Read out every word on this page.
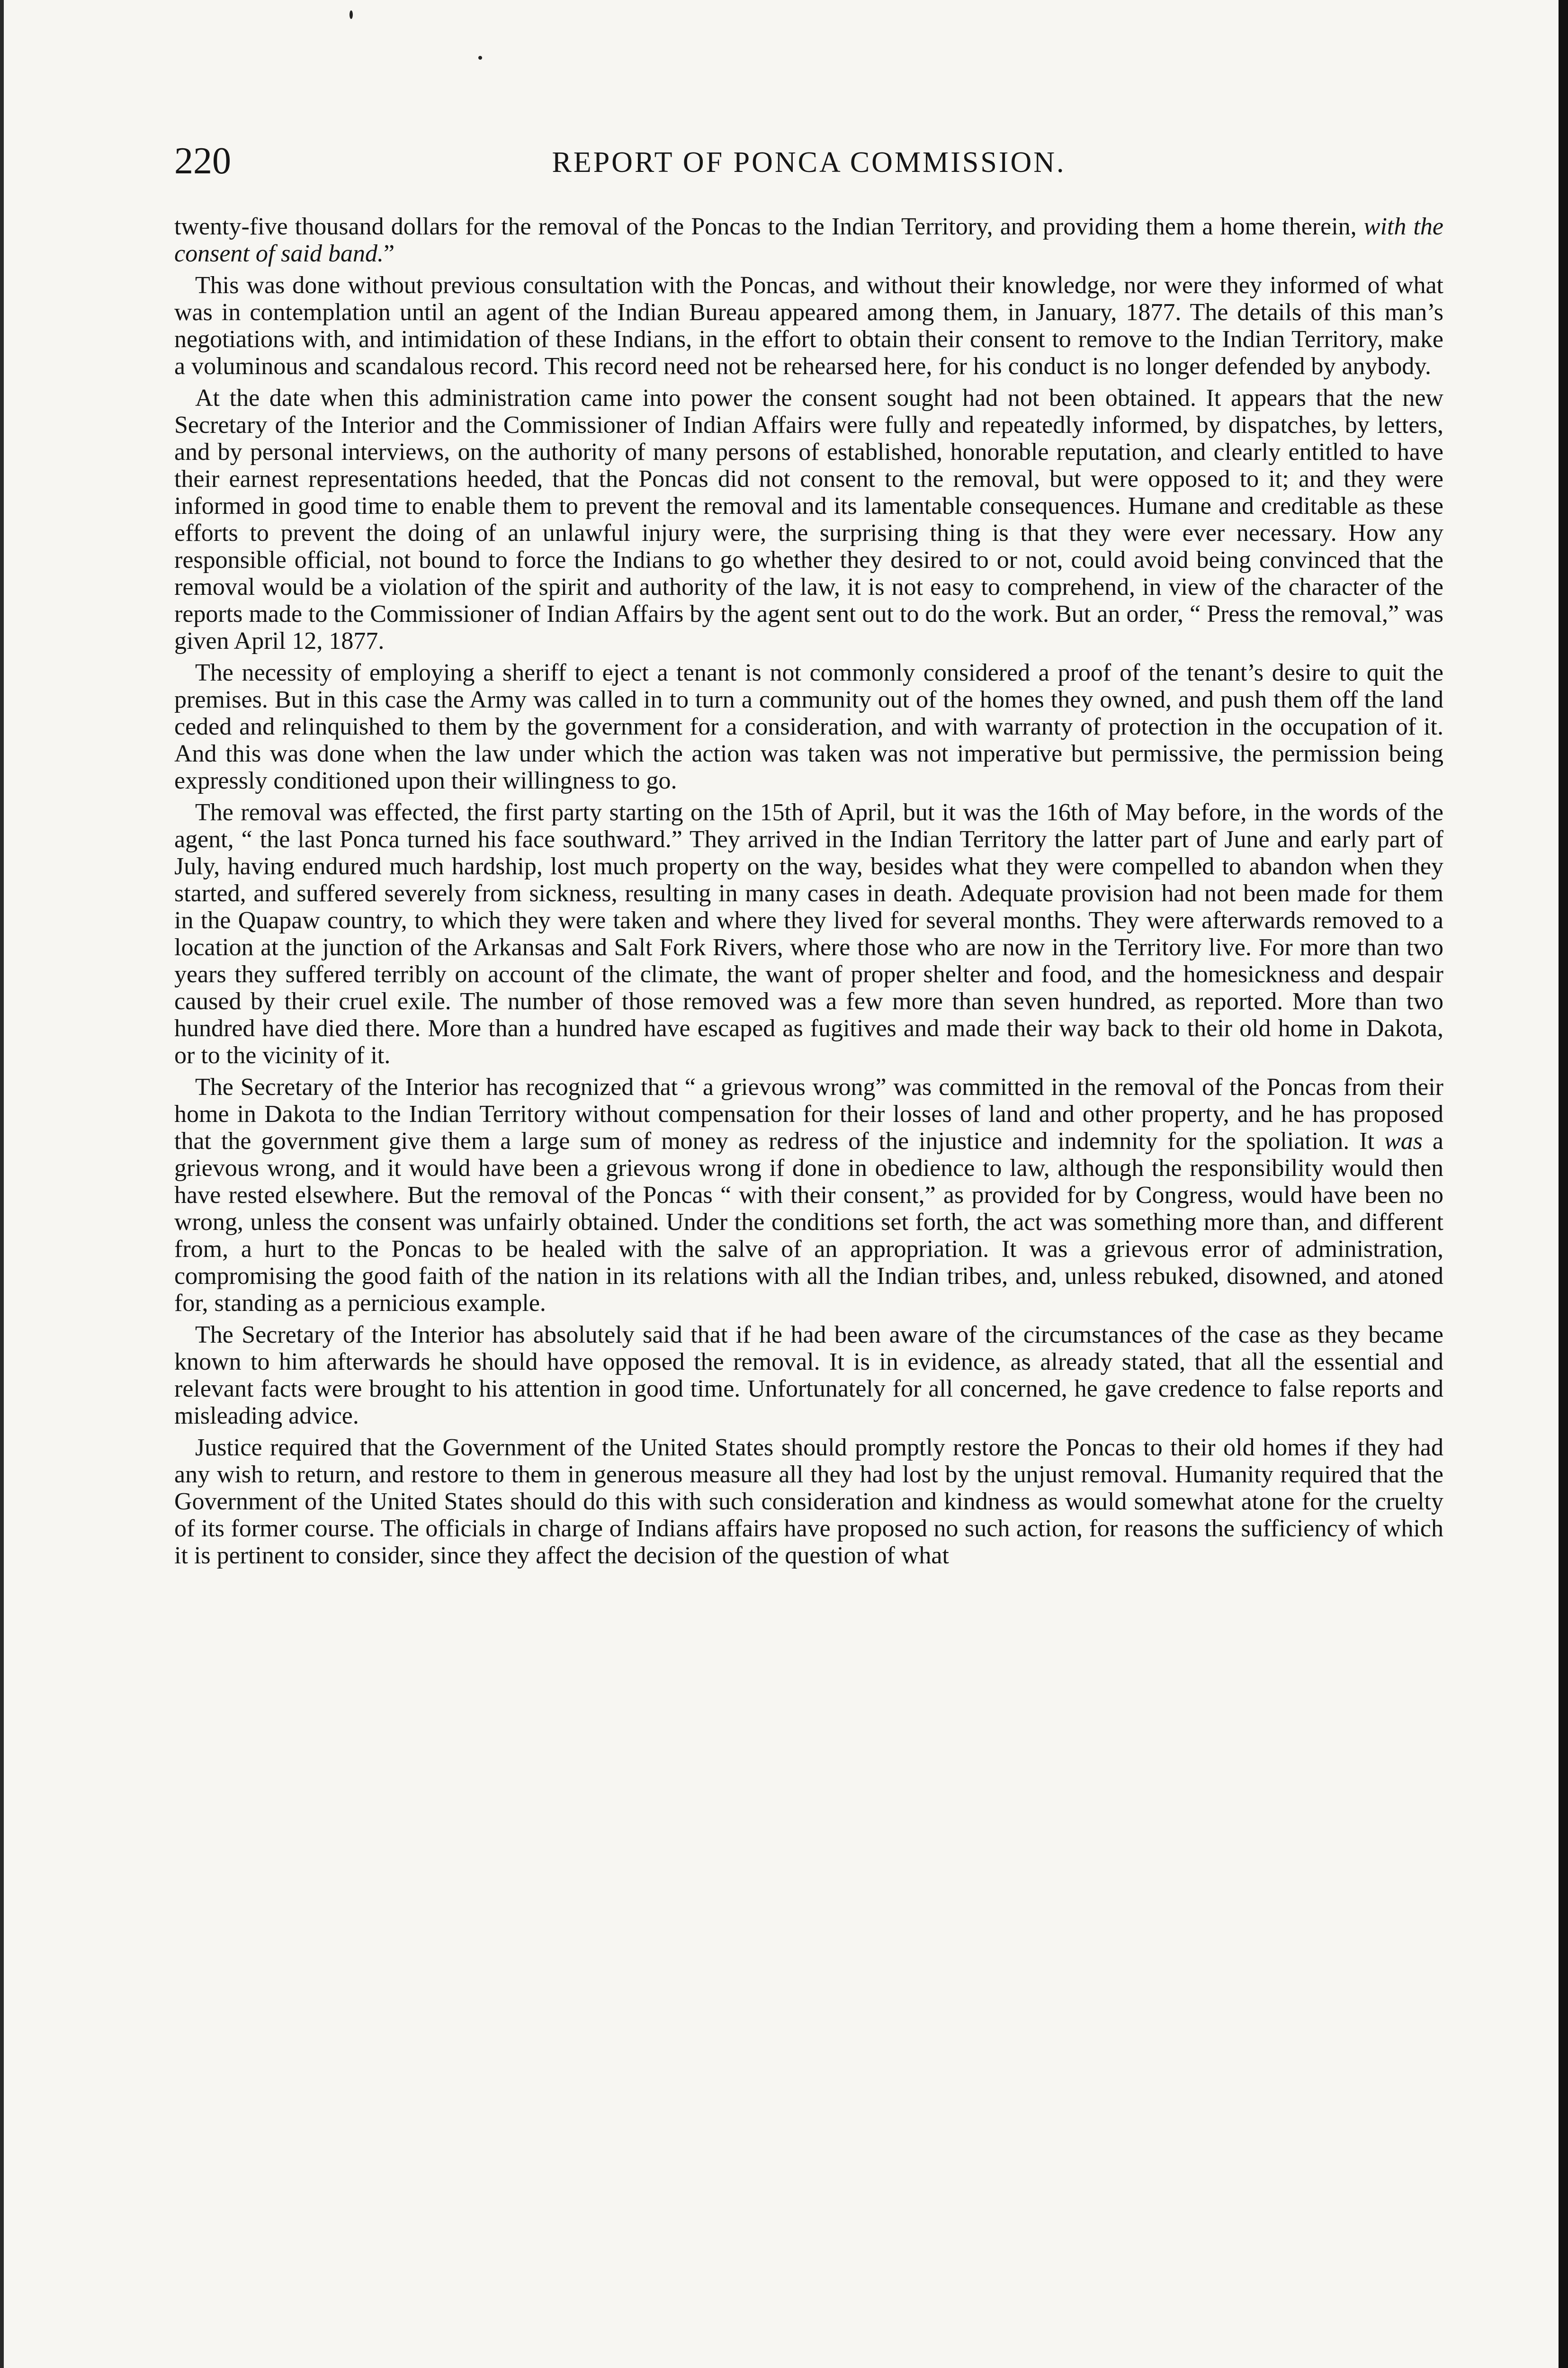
220	REPORT OF PONCA COMMISSION.

twenty-five thousand dollars for the removal of the Poncas to the Indian Territory, and providing them a home therein, with the consent of said band.”

This was done without previous consultation with the Poncas, and without their knowledge, nor were they informed of what was in contemplation until an agent of the Indian Bureau appeared among them, in January, 1877. The details of this man’s negotiations with, and intimidation of these Indians, in the effort to obtain their consent to remove to the Indian Territory, make a voluminous and scandalous record. This record need not be rehearsed here, for his conduct is no longer defended by anybody.

At the date when this administration came into power the consent sought had not been obtained. It appears that the new Secretary of the Interior and the Commissioner of Indian Affairs were fully and repeatedly informed, by dispatches, by letters, and by personal interviews, on the authority of many persons of established, honorable reputation, and clearly entitled to have their earnest representations heeded, that the Poncas did not consent to the removal, but were opposed to it; and they were informed in good time to enable them to prevent the removal and its lamentable consequences. Humane and creditable as these efforts to prevent the doing of an unlawful injury were, the surprising thing is that they were ever necessary. How any responsible official, not bound to force the Indians to go whether they desired to or not, could avoid being convinced that the removal would be a violation of the spirit and authority of the law, it is not easy to comprehend, in view of the character of the reports made to the Commissioner of Indian Affairs by the agent sent out to do the work. But an order, “ Press the removal,” was given April 12, 1877.

The necessity of employing a sheriff to eject a tenant is not commonly considered a proof of the tenant’s desire to quit the premises. But in this case the Army was called in to turn a community out of the homes they owned, and push them off the land ceded and relinquished to them by the government for a consideration, and with warranty of protection in the occupation of it. And this was done when the law under which the action was taken was not imperative but permissive, the permission being expressly conditioned upon their willingness to go.

The removal was effected, the first party starting on the 15th of April, but it was the 16th of May before, in the words of the agent, “ the last Ponca turned his face southward.” They arrived in the Indian Territory the latter part of June and early part of July, having endured much hardship, lost much property on the way, besides what they were compelled to abandon when they started, and suffered severely from sickness, resulting in many cases in death. Adequate provision had not been made for them in the Quapaw country, to which they were taken and where they lived for several months. They were afterwards removed to a location at the junction of the Arkansas and Salt Fork Rivers, where those who are now in the Territory live. For more than two years they suffered terribly on account of the climate, the want of proper shelter and food, and the homesickness and despair caused by their cruel exile. The number of those removed was a few more than seven hundred, as reported. More than two hundred have died there. More than a hundred have escaped as fugitives and made their way back to their old home in Dakota, or to the vicinity of it.

The Secretary of the Interior has recognized that “ a grievous wrong” was committed in the removal of the Poncas from their home in Dakota to the Indian Territory without compensation for their losses of land and other property, and he has proposed that the government give them a large sum of money as redress of the injustice and indemnity for the spoliation. It was a grievous wrong, and it would have been a grievous wrong if done in obedience to law, although the responsibility would then have rested elsewhere. But the removal of the Poncas “ with their consent,” as provided for by Congress, would have been no wrong, unless the consent was unfairly obtained. Under the conditions set forth, the act was something more than, and different from, a hurt to the Poncas to be healed with the salve of an appropriation. It was a grievous error of administration, compromising the good faith of the nation in its relations with all the Indian tribes, and, unless rebuked, disowned, and atoned for, standing as a pernicious example.

The Secretary of the Interior has absolutely said that if he had been aware of the circumstances of the case as they became known to him afterwards he should have opposed the removal. It is in evidence, as already stated, that all the essential and relevant facts were brought to his attention in good time. Unfortunately for all concerned, he gave credence to false reports and misleading advice.

Justice required that the Government of the United States should promptly restore the Poncas to their old homes if they had any wish to return, and restore to them in generous measure all they had lost by the unjust removal. Humanity required that the Government of the United States should do this with such consideration and kindness as would somewhat atone for the cruelty of its former course. The officials in charge of Indians affairs have proposed no such action, for reasons the sufficiency of which it is pertinent to consider, since they affect the decision of the question of what
